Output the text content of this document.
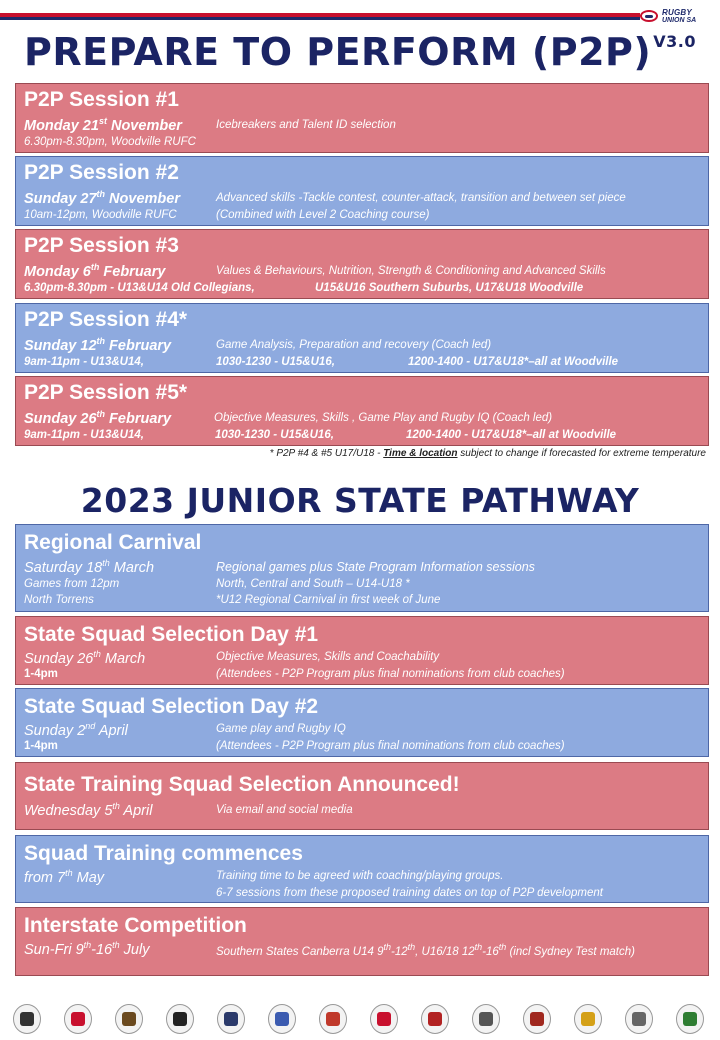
RUGBY
UNION SA
PREPARE TO PERFORM (P2P) $^{V3.0}$
P2P Session #1
Monday 21st November	Icebreakers and Talent ID selection
6.30pm-8.30pm, Woodville RUFC
P2P Session #2
Sunday 27th November	Advanced skills -Tackle contest, counter-attack, transition and between set piece
10am-12pm, Woodville RUFC	(Combined with Level 2 Coaching course)
P2P Session #3
Monday 6th February	Values & Behaviours, Nutrition, Strength & Conditioning and Advanced Skills
6.30pm-8.30pm - U13&U14 Old Collegians,	U15&U16 Southern Suburbs, U17&U18 Woodville
P2P Session #4*
Sunday 12th February	Game Analysis, Preparation and recovery (Coach led)
9am-11pm - U13&U14,	1030-1230 - U15&U16,	1200-1400 - U17&U18*–all at Woodville
P2P Session #5*
Sunday 26th February	Objective Measures, Skills , Game Play and Rugby IQ (Coach led)
9am-11pm - U13&U14,	1030-1230 - U15&U16,	1200-1400 - U17&U18*–all at Woodville
* P2P #4 & #5 U17/U18 - Time & location subject to change if forecasted for extreme temperature
2023 JUNIOR STATE PATHWAY
Regional Carnival
Saturday 18th March	Regional games plus State Program Information sessions
Games from 12pm	North, Central and South – U14-U18 *
North Torrens	*U12 Regional Carnival in first week of June
State Squad Selection Day #1
Sunday 26th March	Objective Measures, Skills and Coachability
1-4pm	(Attendees - P2P Program plus final nominations from club coaches)
State Squad Selection Day #2
Sunday 2nd April	Game play and Rugby IQ
1-4pm	(Attendees - P2P Program plus final nominations from club coaches)
State Training Squad Selection Announced!
Wednesday 5th April	Via email and social media
Squad Training commences
from 7th May	Training time to be agreed with coaching/playing groups.
6-7 sessions from these proposed training dates on top of P2P development
Interstate Competition
Sun-Fri 9th-16th July	Southern States Canberra U14 9th-12th, U16/18 12th-16th (incl Sydney Test match)
